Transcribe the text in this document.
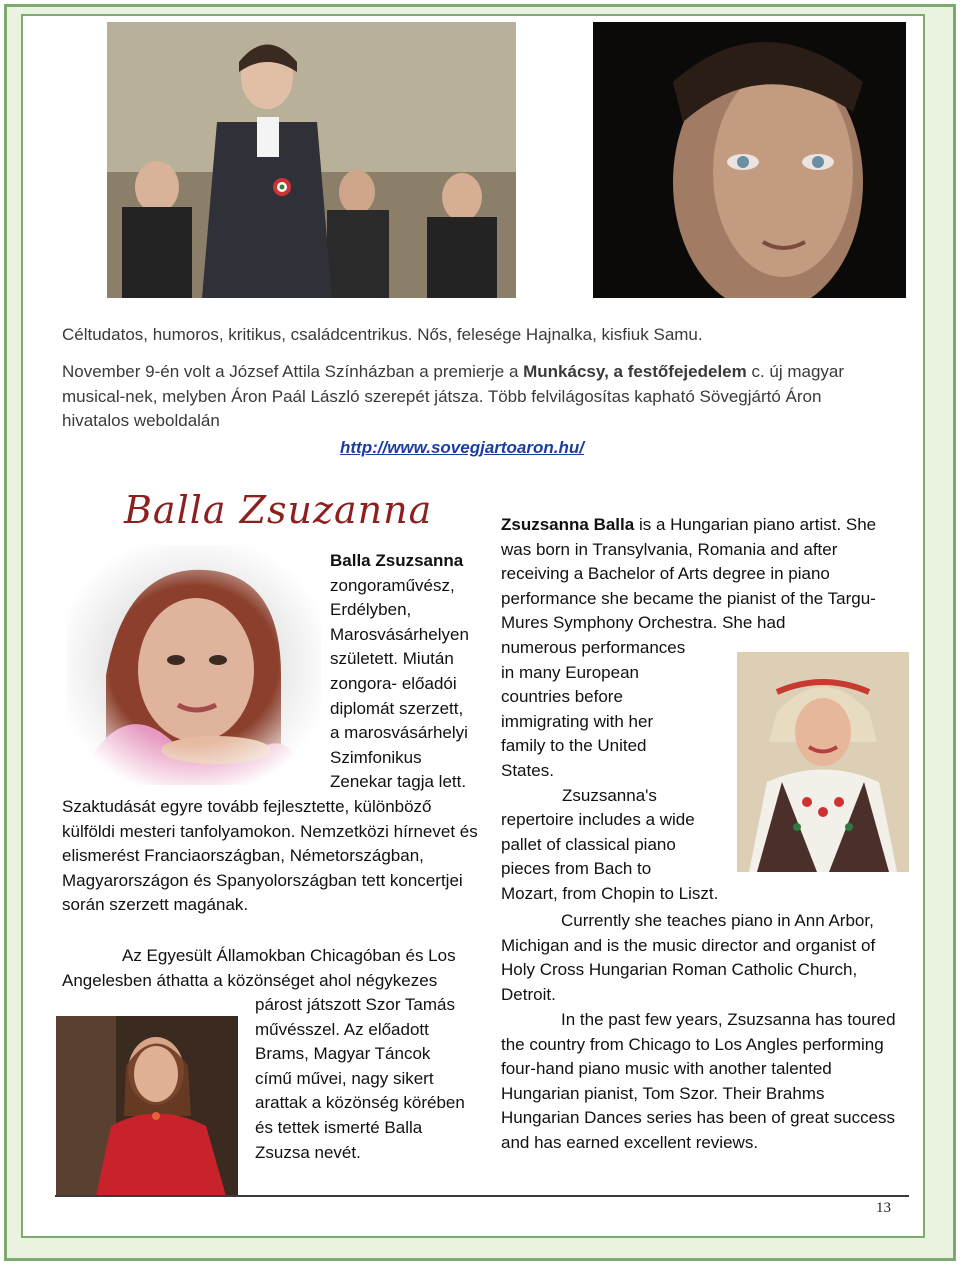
Céltudatos, humoros, kritikus, családcentrikus. Nős, felesége Hajnalka, kisfiuk Samu.
November 9-én volt a József Attila Színházban a premierje a Munkácsy, a festőfejedelem c. új magyar musical-nek, melyben Áron Paál László szerepét játsza. Több felvilágosítas kapható Sövegjártó Áron hivatalos weboldalán
http://www.sovegjartoaron.hu/
Balla Zsuzanna
Balla Zsuzsanna
zongoraművész,
Erdélyben,
Marosvásárhelyen
született. Miután
zongora- előadói
diplomát szerzett,
a marosvásárhelyi
Szimfonikus
Zenekar tagja lett.
Szaktudását egyre tovább fejlesztette, különböző külföldi mesteri tanfolyamokon. Nemzetközi hírnevet és elismerést Franciaországban, Németországban, Magyarországon és Spanyolországban tett koncertjei során szerzett magának.
Az Egyesült Államokban Chicagóban és Los Angelesben áthatta a közönséget ahol négykezes
párost játszott Szor Tamás
művésszel. Az előadott
Brams, Magyar Táncok
című művei, nagy sikert
arattak a közönség körében
és tettek ismerté Balla
Zsuzsa nevét.
Zsuzsanna Balla is a Hungarian piano artist. She was born in Transylvania, Romania and after receiving a Bachelor of Arts degree in piano performance she became the pianist of the Targu-Mures Symphony Orchestra. She had
numerous performances
in many European
countries before
immigrating with her
family to the United
States.
Zsuzsanna's
repertoire includes a wide
pallet of classical piano
pieces from Bach to
Mozart, from Chopin to Liszt.
Currently she teaches piano in Ann Arbor, Michigan and is the music director and organist of Holy Cross Hungarian Roman Catholic Church, Detroit.
In the past few years, Zsuzsanna has toured the country from Chicago to Los Angles performing four-hand piano music with another talented Hungarian pianist, Tom Szor. Their Brahms Hungarian Dances series has been of great success and has earned excellent reviews.
13
